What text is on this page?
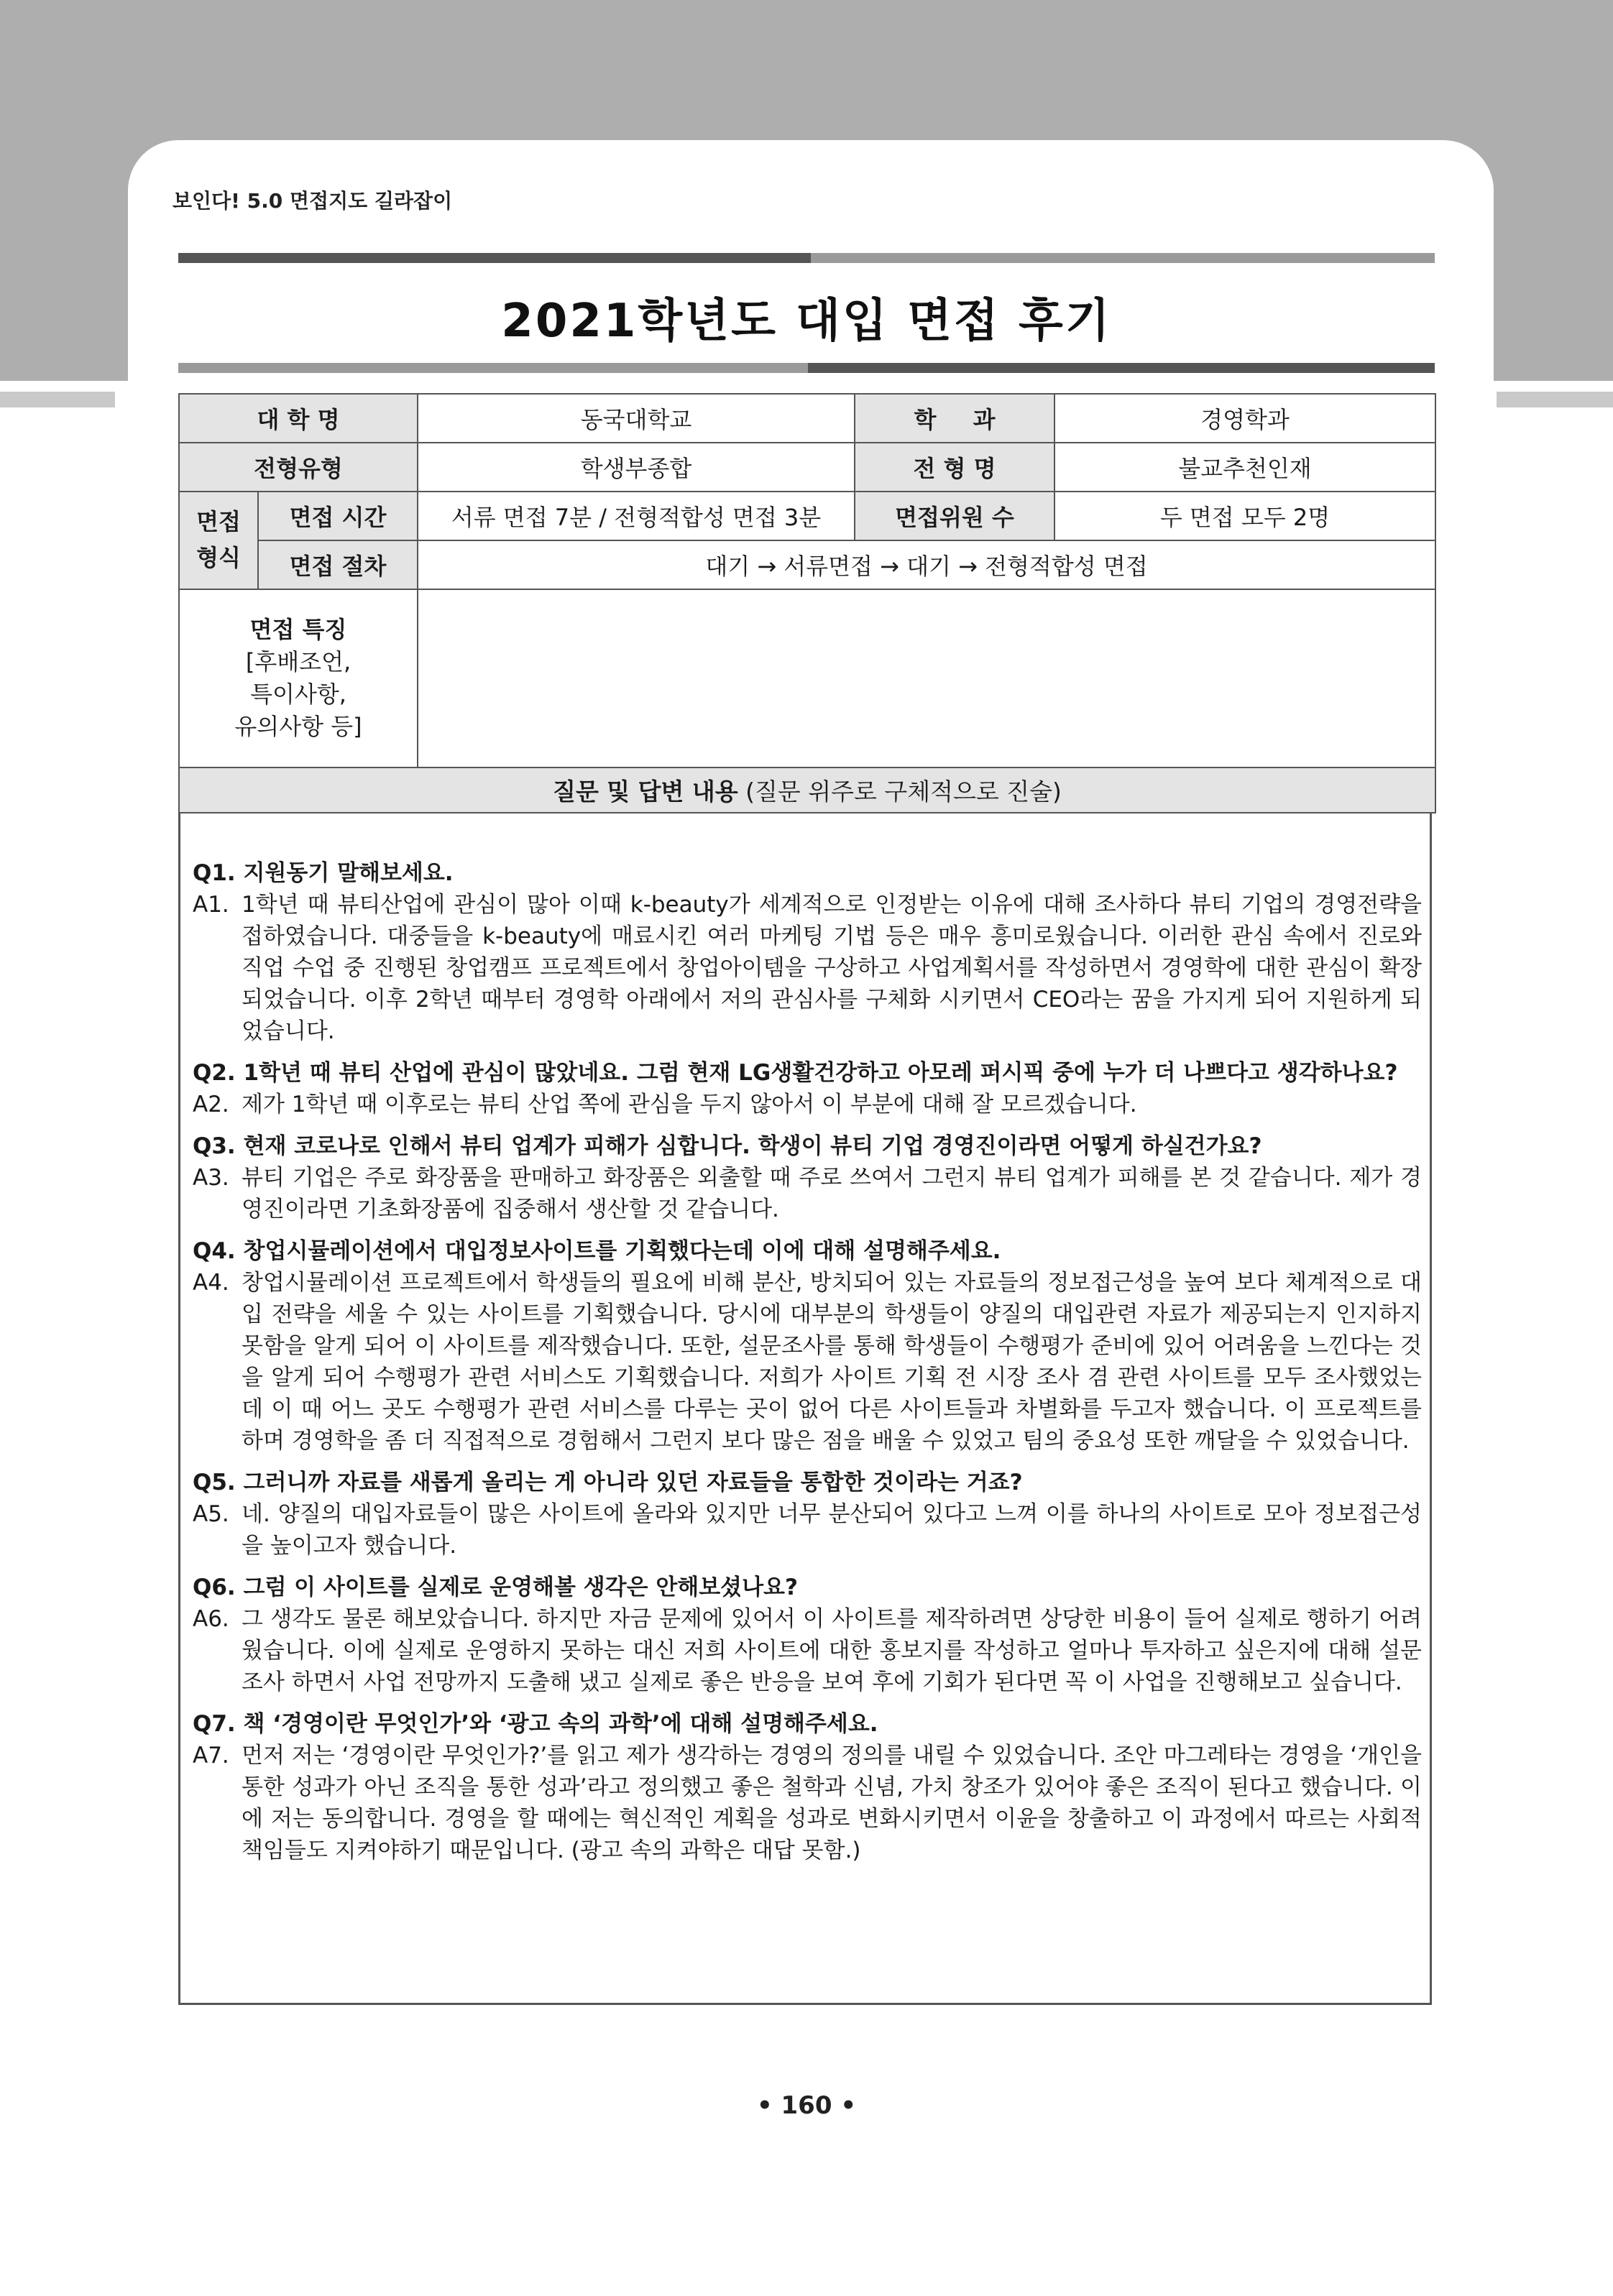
보인다! 5.0 면접지도 길라잡이
2021학년도 대입 면접 후기
대 학 명		동국대학교	학 과	경영학과
전형유형		학생부종합	전 형 명	불교추천인재
면접
형식	면접 시간	서류 면접 7분 / 전형적합성 면접 3분	면접위원 수	두 면접 모두 2명
	면접 절차	대기 → 서류면접 → 대기 → 전형적합성 면접		

면접 특징
[후배조언,
특이사항,
유의사항 등]				

질문 및 답변 내용 (질문 위주로 구체적으로 진술)				
Q1. 지원동기 말해보세요.
A1. 1학년 때 뷰티산업에 관심이 많아 이때 k-beauty가 세계적으로 인정받는 이유에 대해 조사하다 뷰티 기업의 경영전략을 접하였습니다. 대중들을 k-beauty에 매료시킨 여러 마케팅 기법 등은 매우 흥미로웠습니다. 이러한 관심 속에서 진로와 직업 수업 중 진행된 창업캠프 프로젝트에서 창업아이템을 구상하고 사업계획서를 작성하면서 경영학에 대한 관심이 확장되었습니다. 이후 2학년 때부터 경영학 아래에서 저의 관심사를 구체화 시키면서 CEO라는 꿈을 가지게 되어 지원하게 되었습니다.
Q2. 1학년 때 뷰티 산업에 관심이 많았네요. 그럼 현재 LG생활건강하고 아모레 퍼시픽 중에 누가 더 나쁘다고 생각하나요?
A2. 제가 1학년 때 이후로는 뷰티 산업 쪽에 관심을 두지 않아서 이 부분에 대해 잘 모르겠습니다.
Q3. 현재 코로나로 인해서 뷰티 업계가 피해가 심합니다. 학생이 뷰티 기업 경영진이라면 어떻게 하실건가요?
A3. 뷰티 기업은 주로 화장품을 판매하고 화장품은 외출할 때 주로 쓰여서 그런지 뷰티 업계가 피해를 본 것 같습니다. 제가 경영진이라면 기초화장품에 집중해서 생산할 것 같습니다.
Q4. 창업시뮬레이션에서 대입정보사이트를 기획했다는데 이에 대해 설명해주세요.
A4. 창업시뮬레이션 프로젝트에서 학생들의 필요에 비해 분산, 방치되어 있는 자료들의 정보접근성을 높여 보다 체계적으로 대입 전략을 세울 수 있는 사이트를 기획했습니다. 당시에 대부분의 학생들이 양질의 대입관련 자료가 제공되는지 인지하지 못함을 알게 되어 이 사이트를 제작했습니다. 또한, 설문조사를 통해 학생들이 수행평가 준비에 있어 어려움을 느낀다는 것을 알게 되어 수행평가 관련 서비스도 기획했습니다. 저희가 사이트 기획 전 시장 조사 겸 관련 사이트를 모두 조사했었는데 이 때 어느 곳도 수행평가 관련 서비스를 다루는 곳이 없어 다른 사이트들과 차별화를 두고자 했습니다. 이 프로젝트를 하며 경영학을 좀 더 직접적으로 경험해서 그런지 보다 많은 점을 배울 수 있었고 팀의 중요성 또한 깨달을 수 있었습니다.
Q5. 그러니까 자료를 새롭게 올리는 게 아니라 있던 자료들을 통합한 것이라는 거죠?
A5. 네. 양질의 대입자료들이 많은 사이트에 올라와 있지만 너무 분산되어 있다고 느껴 이를 하나의 사이트로 모아 정보접근성을 높이고자 했습니다.
Q6. 그럼 이 사이트를 실제로 운영해볼 생각은 안해보셨나요?
A6. 그 생각도 물론 해보았습니다. 하지만 자금 문제에 있어서 이 사이트를 제작하려면 상당한 비용이 들어 실제로 행하기 어려웠습니다. 이에 실제로 운영하지 못하는 대신 저희 사이트에 대한 홍보지를 작성하고 얼마나 투자하고 싶은지에 대해 설문조사 하면서 사업 전망까지 도출해 냈고 실제로 좋은 반응을 보여 후에 기회가 된다면 꼭 이 사업을 진행해보고 싶습니다.
Q7. 책 ‘경영이란 무엇인가’와 ‘광고 속의 과학’에 대해 설명해주세요.
A7. 먼저 저는 ‘경영이란 무엇인가?’를 읽고 제가 생각하는 경영의 정의를 내릴 수 있었습니다. 조안 마그레타는 경영을 ‘개인을 통한 성과가 아닌 조직을 통한 성과’라고 정의했고 좋은 철학과 신념, 가치 창조가 있어야 좋은 조직이 된다고 했습니다. 이에 저는 동의합니다. 경영을 할 때에는 혁신적인 계획을 성과로 변화시키면서 이윤을 창출하고 이 과정에서 따르는 사회적 책임들도 지켜야하기 때문입니다. (광고 속의 과학은 대답 못함.)
• 160 •
